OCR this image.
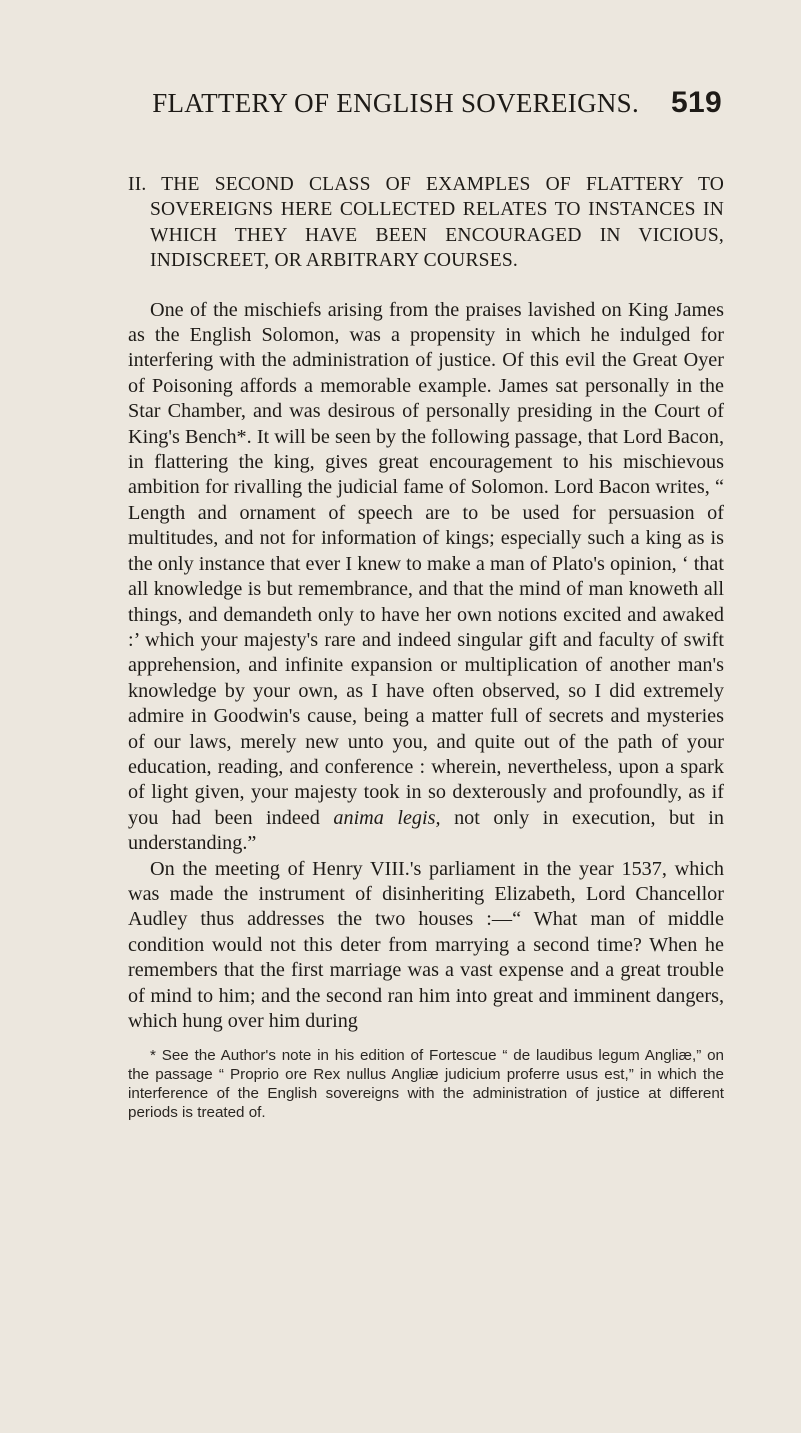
FLATTERY OF ENGLISH SOVEREIGNS. 519
II. THE SECOND CLASS OF EXAMPLES OF FLATTERY TO SOVEREIGNS HERE COLLECTED RELATES TO INSTANCES IN WHICH THEY HAVE BEEN ENCOURAGED IN VICIOUS, INDISCREET, OR ARBITRARY COURSES.

One of the mischiefs arising from the praises lavished on King James as the English Solomon, was a propensity in which he indulged for interfering with the administration of justice. Of this evil the Great Oyer of Poisoning affords a memorable example. James sat personally in the Star Chamber, and was desirous of personally presiding in the Court of King's Bench*. It will be seen by the following passage, that Lord Bacon, in flattering the king, gives great encouragement to his mischievous ambition for rivalling the judicial fame of Solomon. Lord Bacon writes, “ Length and ornament of speech are to be used for persuasion of multitudes, and not for information of kings; especially such a king as is the only instance that ever I knew to make a man of Plato's opinion, ‘ that all knowledge is but remembrance, and that the mind of man knoweth all things, and demandeth only to have her own notions excited and awaked :’ which your majesty's rare and indeed singular gift and faculty of swift apprehension, and infinite expansion or multiplication of another man's knowledge by your own, as I have often observed, so I did extremely admire in Goodwin's cause, being a matter full of secrets and mysteries of our laws, merely new unto you, and quite out of the path of your education, reading, and conference : wherein, nevertheless, upon a spark of light given, your majesty took in so dexterously and profoundly, as if you had been indeed anima legis, not only in execution, but in understanding.”

On the meeting of Henry VIII.'s parliament in the year 1537, which was made the instrument of disinheriting Elizabeth, Lord Chancellor Audley thus addresses the two houses :—“ What man of middle condition would not this deter from marrying a second time? When he remembers that the first marriage was a vast expense and a great trouble of mind to him; and the second ran him into great and imminent dangers, which hung over him during

* See the Author's note in his edition of Fortescue “ de laudibus legum Angliæ,” on the passage “ Proprio ore Rex nullus Angliæ judicium proferre usus est,” in which the interference of the English sovereigns with the administration of justice at different periods is treated of.
